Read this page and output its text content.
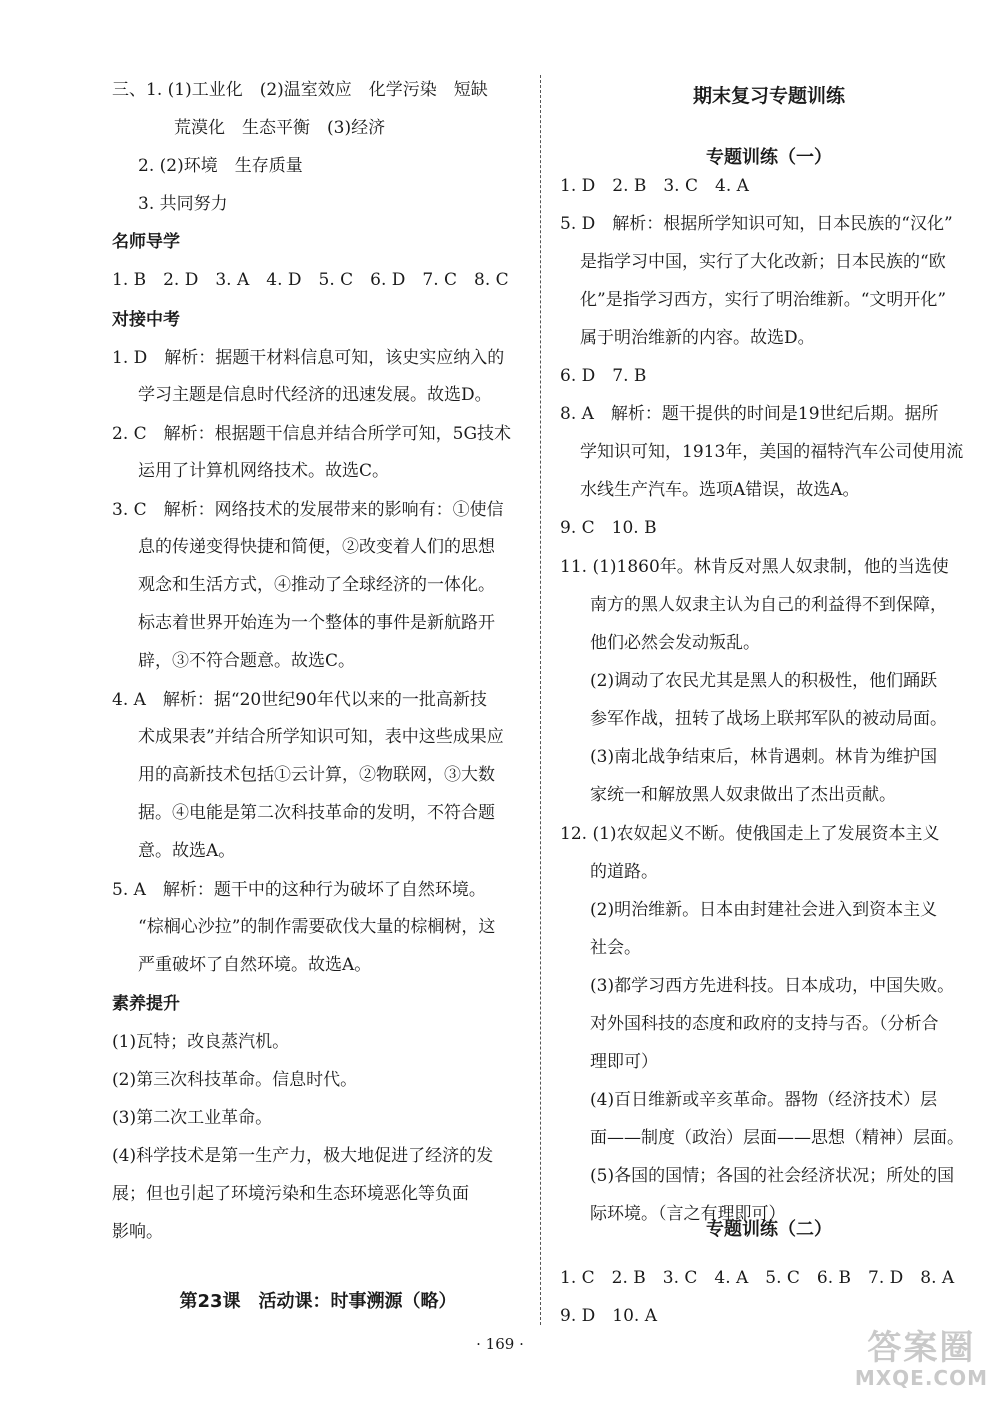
三、1. (1)工业化　(2)温室效应　化学污染　短缺
荒漠化　生态平衡　(3)经济
2. (2)环境　生存质量
3. 共同努力
名师导学
1. B　2. D　3. A　4. D　5. C　6. D　7. C　8. C
对接中考
1. D　解析：据题干材料信息可知，该史实应纳入的
学习主题是信息时代经济的迅速发展。故选D。
2. C　解析：根据题干信息并结合所学可知，5G技术
运用了计算机网络技术。故选C。
3. C　解析：网络技术的发展带来的影响有：①使信
息的传递变得快捷和简便，②改变着人们的思想
观念和生活方式，④推动了全球经济的一体化。
标志着世界开始连为一个整体的事件是新航路开
辟，③不符合题意。故选C。
4. A　解析：据“20世纪90年代以来的一批高新技
术成果表”并结合所学知识可知，表中这些成果应
用的高新技术包括①云计算，②物联网，③大数
据。④电能是第二次科技革命的发明，不符合题
意。故选A。
5. A　解析：题干中的这种行为破坏了自然环境。
“棕榈心沙拉”的制作需要砍伐大量的棕榈树，这
严重破坏了自然环境。故选A。
素养提升
(1)瓦特；改良蒸汽机。
(2)第三次科技革命。信息时代。
(3)第二次工业革命。
(4)科学技术是第一生产力，极大地促进了经济的发
展；但也引起了环境污染和生态环境恶化等负面
影响。
期末复习专题训练
专题训练（一）
专题训练（二）
1. D　2. B　3. C　4. A
5. D　解析：根据所学知识可知，日本民族的“汉化”
是指学习中国，实行了大化改新；日本民族的“欧
化”是指学习西方，实行了明治维新。“文明开化”
属于明治维新的内容。故选D。
6. D　7. B
8. A　解析：题干提供的时间是19世纪后期。据所
学知识可知，1913年，美国的福特汽车公司使用流
水线生产汽车。选项A错误，故选A。
9. C　10. B
11. (1)1860年。林肯反对黑人奴隶制，他的当选使
南方的黑人奴隶主认为自己的利益得不到保障，
他们必然会发动叛乱。
(2)调动了农民尤其是黑人的积极性，他们踊跃
参军作战，扭转了战场上联邦军队的被动局面。
(3)南北战争结束后，林肯遇刺。林肯为维护国
家统一和解放黑人奴隶做出了杰出贡献。
12. (1)农奴起义不断。使俄国走上了发展资本主义
的道路。
(2)明治维新。日本由封建社会进入到资本主义
社会。
(3)都学习西方先进科技。日本成功，中国失败。
对外国科技的态度和政府的支持与否。（分析合
理即可）
(4)百日维新或辛亥革命。器物（经济技术）层
面——制度（政治）层面——思想（精神）层面。
(5)各国的国情；各国的社会经济状况；所处的国
际环境。（言之有理即可）
1. C　2. B　3. C　4. A　5. C　6. B　7. D　8. A
9. D　10. A
第23课　活动课：时事溯源（略）
· 169 ·	答案圈
MXQE.COM
